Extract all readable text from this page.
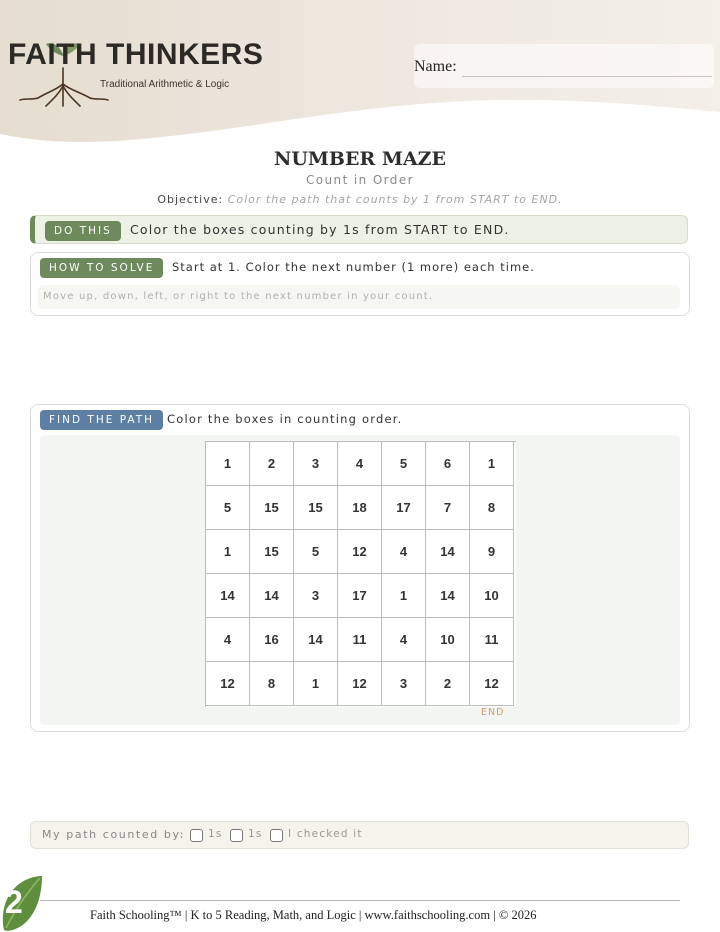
FAITH THINKERS
Traditional Arithmetic & Logic
Name:
NUMBER MAZE
Count in Order
Objective: Color the path that counts by 1 from START to END.
DO THIS	Color the boxes counting by 1s from START to END.
HOW TO SOLVE	Start at 1. Color the next number (1 more) each time.
Move up, down, left, or right to the next number in your count.
FIND THE PATH	Color the boxes in counting order.
1	2	3	4	5	6	1
5	15	15	18	17	7	8
1	15	5	12	4	14	9
14	14	3	17	1	14	10
4	16	14	11	4	10	11
12	8	1	12	3	2	12
END
My path counted by: 1s 1s I checked it
2	Faith Schooling™ | K to 5 Reading, Math, and Logic | www.faithschooling.com | © 2026
